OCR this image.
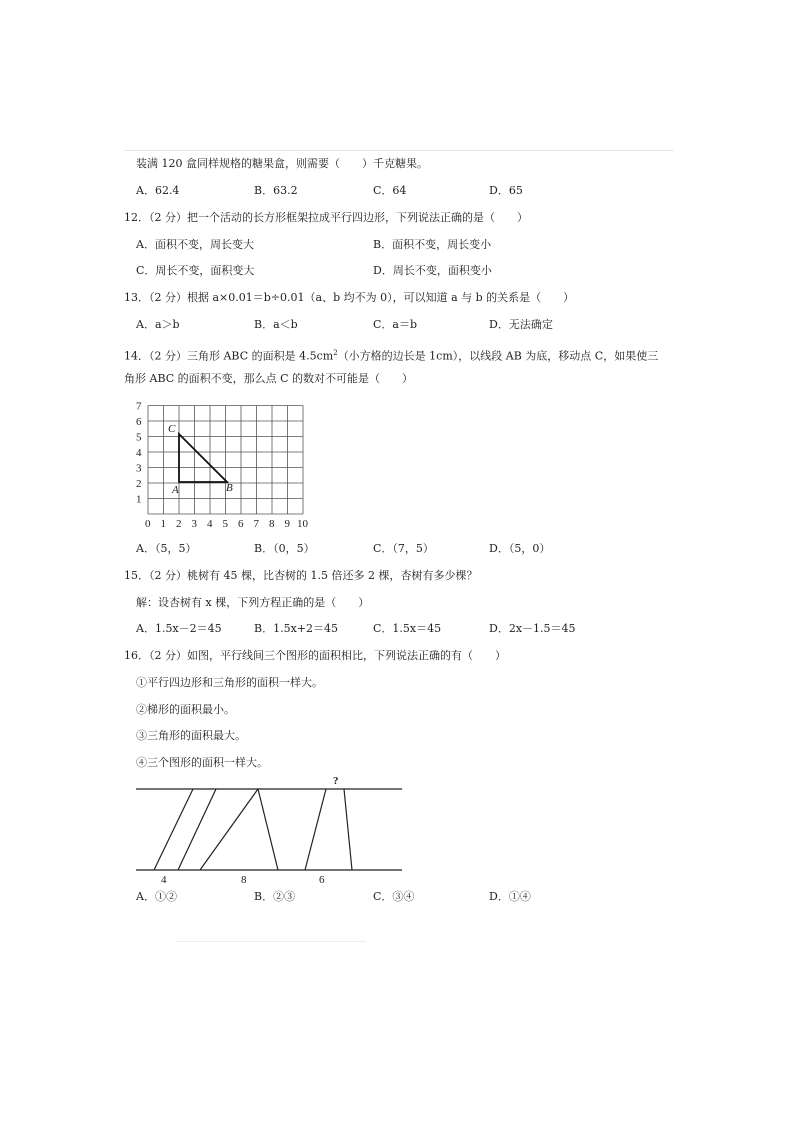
装满 120 盒同样规格的糖果盒，则需要（　　）千克糖果。
A．62.4	B．63.2	C．64	D．65
12．（2 分）把一个活动的长方形框架拉成平行四边形，下列说法正确的是（　　）
A．面积不变，周长变大	B．面积不变，周长变小
C．周长不变，面积变大	D．周长不变，面积变小
13．（2 分）根据 a×0.01＝b÷0.01（a、b 均不为 0），可以知道 a 与 b 的关系是（　　）
A．a＞b	B．a＜b	C．a＝b	D．无法确定
14．（2 分）三角形 ABC 的面积是 $4.5cm^2$（小方格的边长是 1cm），以线段 AB 为底，移动点 C，如果使三
角形 ABC 的面积不变，那么点 C 的数对不可能是（　　）
0 1 2 3 4 5 6 7 8 9 10
1
2
3
4
5
6
7
C
A	B
A．（5，5）	B．（0，5）	C．（7，5）	D．（5，0）
15．（2 分）桃树有 45 棵，比杏树的 1.5 倍还多 2 棵，杏树有多少棵？
解：设杏树有 x 棵，下列方程正确的是（　　）
A．1.5x－2＝45	B．1.5x+2＝45	C．1.5x＝45	D．2x－1.5＝45
16．（2 分）如图，平行线间三个图形的面积相比，下列说法正确的有（　　）
①平行四边形和三角形的面积一样大。
②梯形的面积最小。
③三角形的面积最大。
④三个图形的面积一样大。
?
4	8	6
A．①②	B．②③	C．③④	D．①④
